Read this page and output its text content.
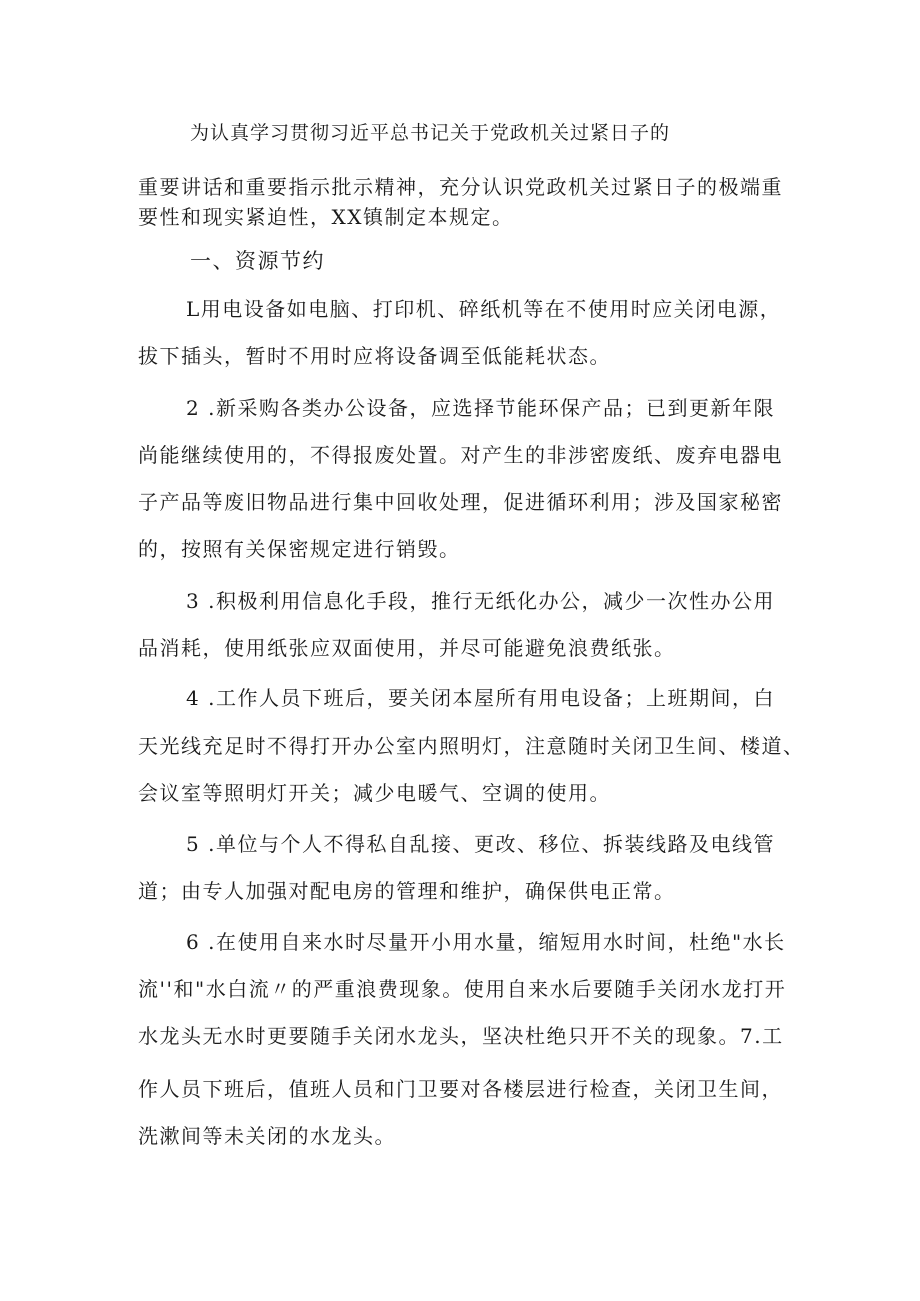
为认真学习贯彻习近平总书记关于党政机关过紧日子的
重要讲话和重要指示批示精神，充分认识党政机关过紧日子的极端重
要性和现实紧迫性，XX镇制定本规定。
一、资源节约
L用电设备如电脑、打印机、碎纸机等在不使用时应关闭电源，
拔下插头，暂时不用时应将设备调至低能耗状态。
2 .新采购各类办公设备，应选择节能环保产品；已到更新年限
尚能继续使用的，不得报废处置。对产生的非涉密废纸、废弃电器电
子产品等废旧物品进行集中回收处理，促进循环利用；涉及国家秘密
的，按照有关保密规定进行销毁。
3 .积极利用信息化手段，推行无纸化办公，减少一次性办公用
品消耗，使用纸张应双面使用，并尽可能避免浪费纸张。
4 .工作人员下班后，要关闭本屋所有用电设备；上班期间，白
天光线充足时不得打开办公室内照明灯，注意随时关闭卫生间、楼道、
会议室等照明灯开关；减少电暖气、空调的使用。
5 .单位与个人不得私自乱接、更改、移位、拆装线路及电线管
道；由专人加强对配电房的管理和维护，确保供电正常。
6 .在使用自来水时尽量开小用水量，缩短用水时间，杜绝"水长
流''和"水白流〃的严重浪费现象。使用自来水后要随手关闭水龙打开
水龙头无水时更要随手关闭水龙头，坚决杜绝只开不关的现象。7.工
作人员下班后，值班人员和门卫要对各楼层进行检查，关闭卫生间，
洗漱间等未关闭的水龙头。
